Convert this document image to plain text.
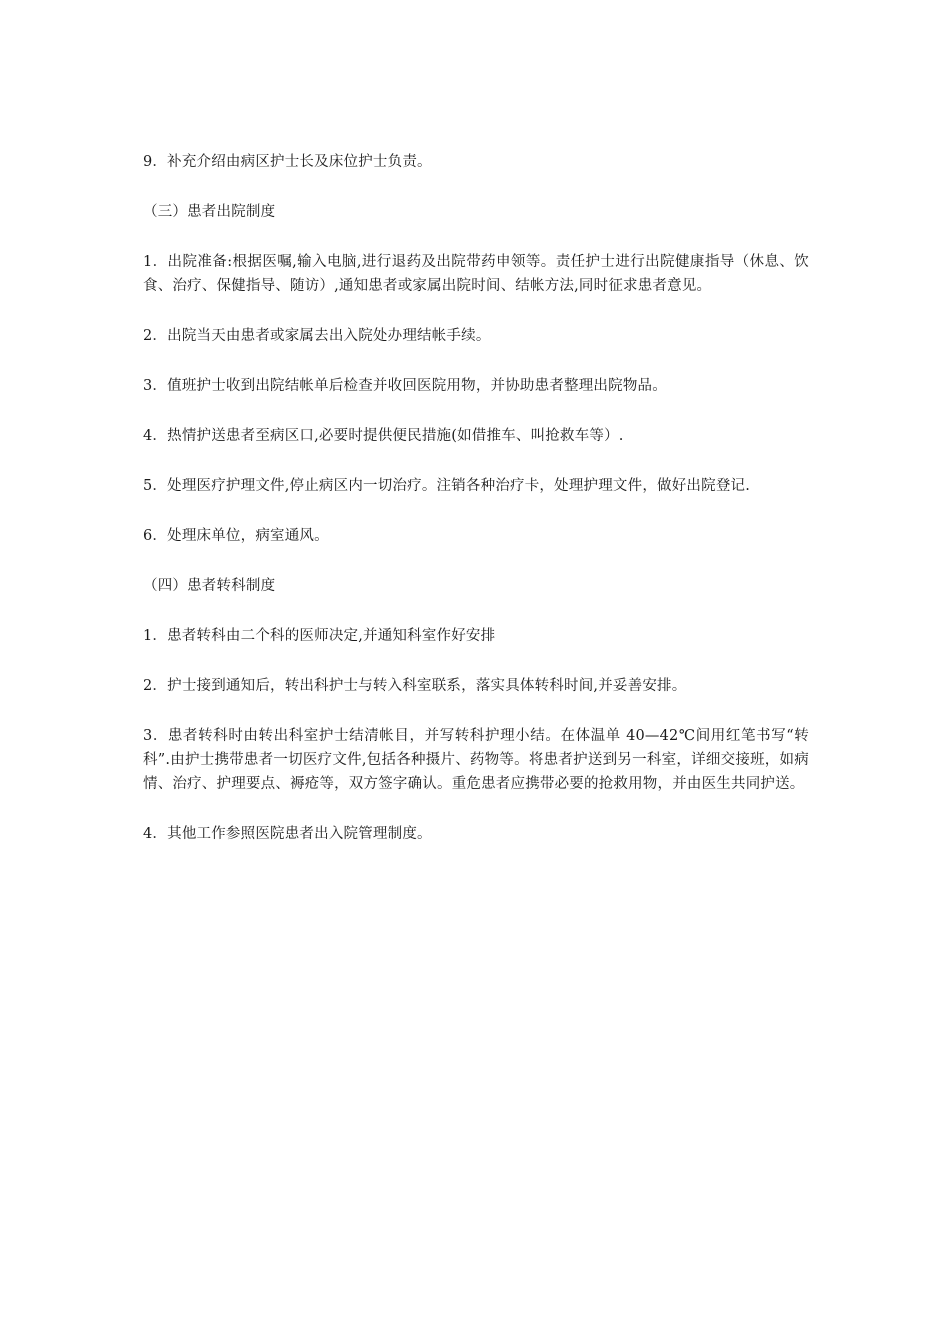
9．补充介绍由病区护士长及床位护士负责。

（三）患者出院制度

1．出院准备:根据医嘱,输入电脑,进行退药及出院带药申领等。责任护士进行出院健康指导（休息、饮食、治疗、保健指导、随访）,通知患者或家属出院时间、结帐方法,同时征求患者意见。

2．出院当天由患者或家属去出入院处办理结帐手续。

3．值班护士收到出院结帐单后检查并收回医院用物，并协助患者整理出院物品。

4．热情护送患者至病区口,必要时提供便民措施(如借推车、叫抢救车等）.

5．处理医疗护理文件,停止病区内一切治疗。注销各种治疗卡，处理护理文件，做好出院登记.

6．处理床单位，病室通风。

（四）患者转科制度

1．患者转科由二个科的医师决定,并通知科室作好安排

2．护士接到通知后，转出科护士与转入科室联系，落实具体转科时间,并妥善安排。

3．患者转科时由转出科室护士结清帐目，并写转科护理小结。在体温单 40—42℃间用红笔书写“转科”.由护士携带患者一切医疗文件,包括各种摄片、药物等。将患者护送到另一科室，详细交接班，如病情、治疗、护理要点、褥疮等，双方签字确认。重危患者应携带必要的抢救用物，并由医生共同护送。

4．其他工作参照医院患者出入院管理制度。
